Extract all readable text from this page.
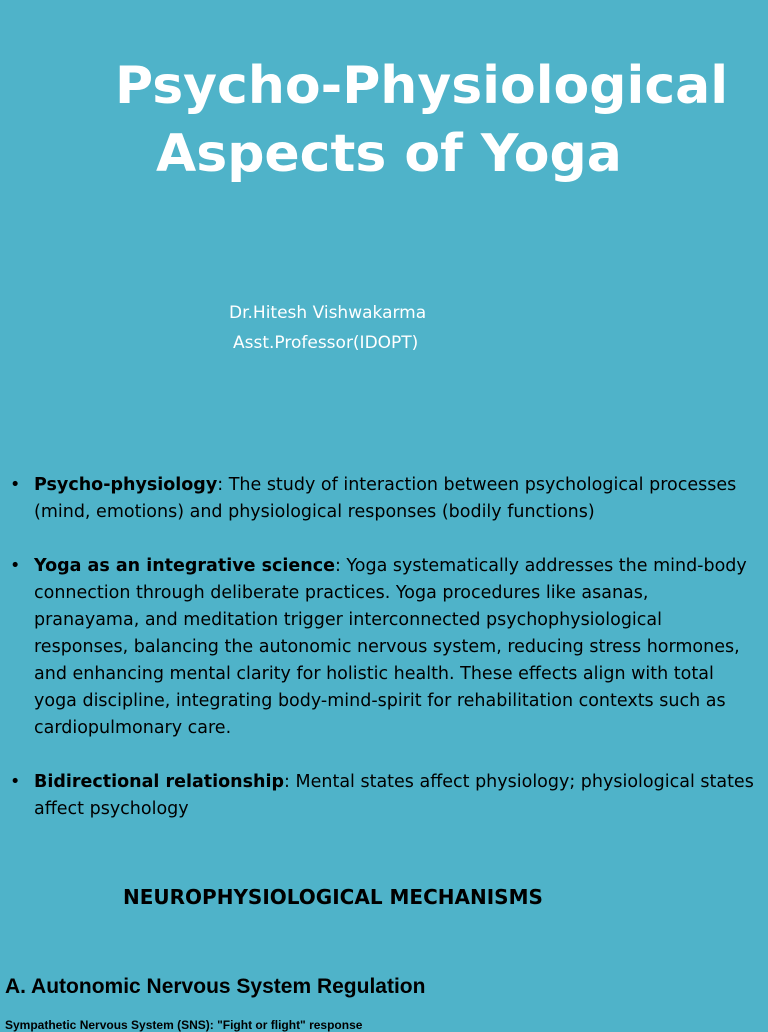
Psycho-Physiological
Aspects of Yoga
Dr.Hitesh Vishwakarma
Asst.Professor(IDOPT)
• Psycho-physiology: The study of interaction between psychological processes (mind, emotions) and physiological responses (bodily functions)
• Yoga as an integrative science: Yoga systematically addresses the mind-body connection through deliberate practices. Yoga procedures like asanas, pranayama, and meditation trigger interconnected psychophysiological responses, balancing the autonomic nervous system, reducing stress hormones, and enhancing mental clarity for holistic health. These effects align with total yoga discipline, integrating body-mind-spirit for rehabilitation contexts such as cardiopulmonary care.
• Bidirectional relationship: Mental states affect physiology; physiological states affect psychology
NEUROPHYSIOLOGICAL MECHANISMS
A. Autonomic Nervous System Regulation
Sympathetic Nervous System (SNS): "Fight or flight" response
